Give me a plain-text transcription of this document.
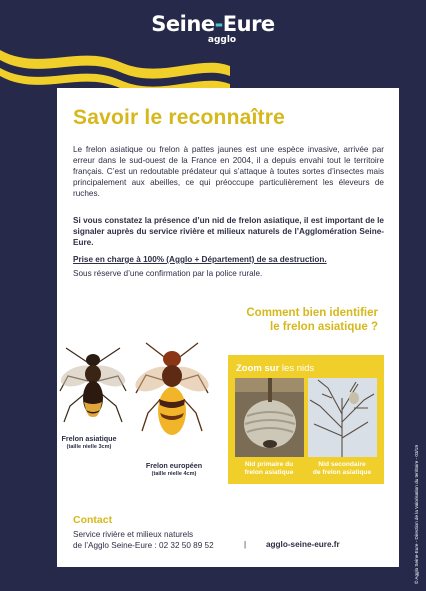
Seine-Eure
agglo
Savoir le reconnaître
Le frelon asiatique ou frelon à pattes jaunes est une espèce invasive, arrivée par erreur dans le sud-ouest de la France en 2004, il a depuis envahi tout le territoire français. C’est un redoutable prédateur qui s’attaque à toutes sortes d’insectes mais principalement aux abeilles, ce qui préoccupe particulièrement les éleveurs de ruches.
Si vous constatez la présence d’un nid de frelon asiatique, il est important de le signaler auprès du service rivière et milieux naturels de l’Agglomération Seine-Eure.
Prise en charge à 100% (Agglo + Département) de sa destruction.
Sous réserve d’une confirmation par la police rurale.
Comment bien identifier
le frelon asiatique ?
Frelon asiatique
(taille réelle 3cm)
Frelon européen
(taille réelle 4cm)
Zoom sur les nids
Nid primaire du
frelon asiatique
Nid secondaire
de frelon asiatique
Contact
Service rivière et milieux naturels
de l’Agglo Seine-Eure : 02 32 50 89 52	| agglo-seine-eure.fr	© Agglo Seine-Eure - Direction de la Valorisation du territoire - 03/19
